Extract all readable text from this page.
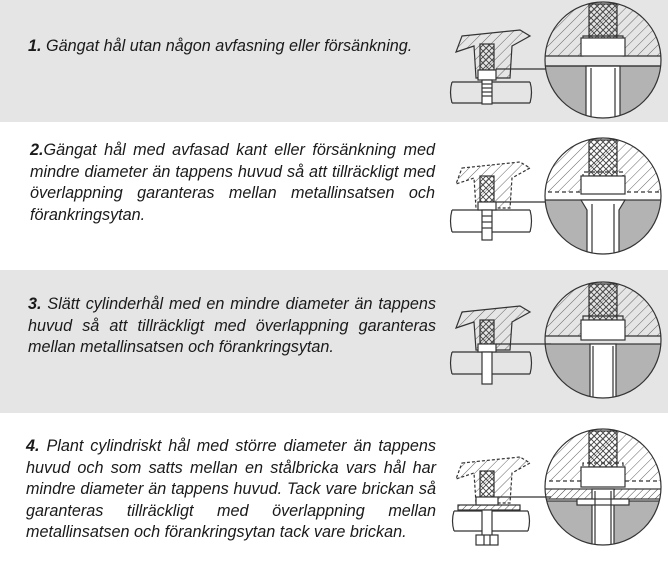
1. Gängat hål utan någon avfasning eller försänkning.
2.Gängat hål med avfasad kant eller försänkning med mindre diameter än tappens huvud så att tillräckligt med överlappning garanteras mellan metallinsatsen och förankringsytan.
3. Slätt cylinderhål med en mindre diameter än tappens huvud så att tillräckligt med överlappning garanteras mellan metallinsatsen och förankringsytan.
4. Plant cylindriskt hål med större diameter än tappens huvud och som satts mellan en stålbricka vars hål har mindre diameter än tappens huvud. Tack vare brickan så garanteras tillräckligt med överlappning mellan metallinsatsen och förankringsytan tack vare brickan.
